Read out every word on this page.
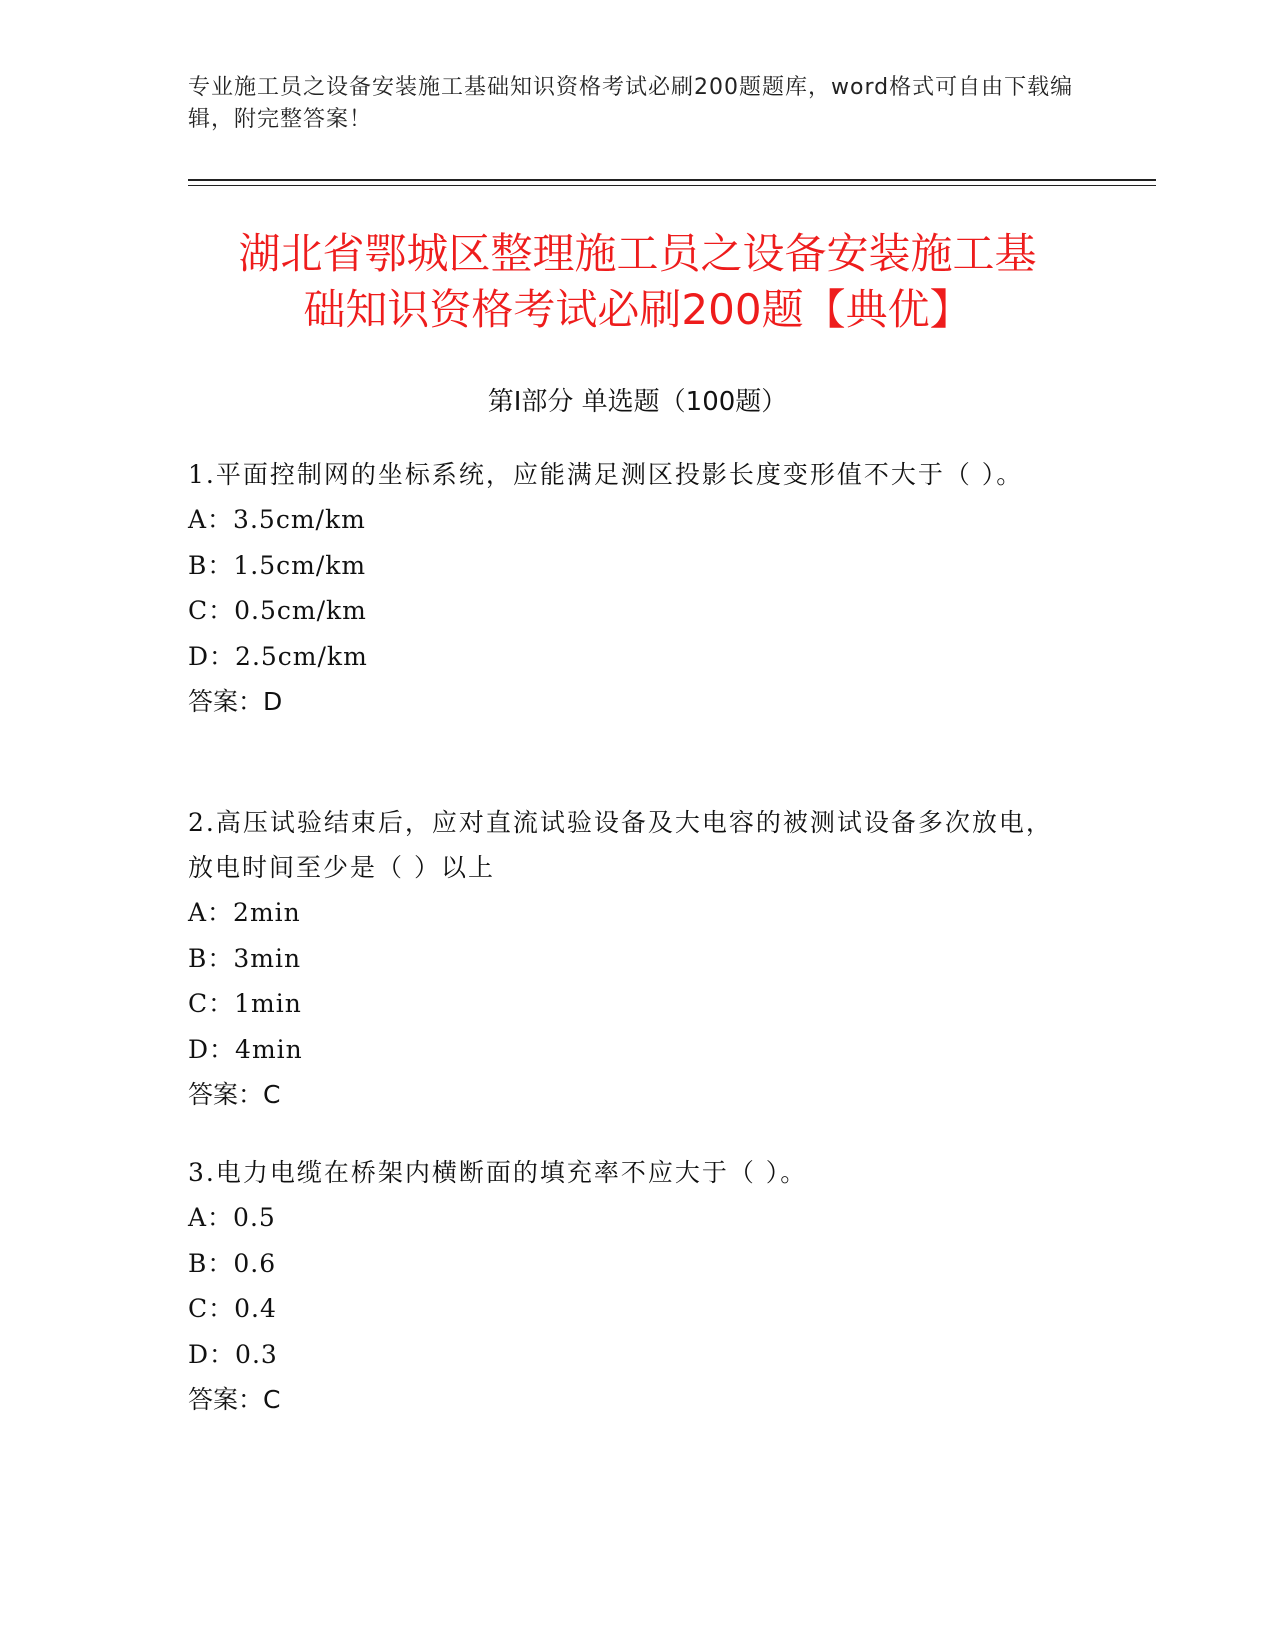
专业施工员之设备安装施工基础知识资格考试必刷200题题库，word格式可自由下载编辑，附完整答案！
湖北省鄂城区整理施工员之设备安装施工基
础知识资格考试必刷200题【典优】
第Ⅰ部分 单选题（100题）

1.平面控制网的坐标系统，应能满足测区投影长度变形值不大于（ ）。

A：3.5cm/km

B：1.5cm/km

C：0.5cm/km

D：2.5cm/km

答案：D

2.高压试验结束后，应对直流试验设备及大电容的被测试设备多次放电，放电时间至少是（ ）以上

A：2min

B：3min

C：1min

D：4min

答案：C

3.电力电缆在桥架内横断面的填充率不应大于（ ）。

A：0.5

B：0.6

C：0.4

D：0.3

答案：C
